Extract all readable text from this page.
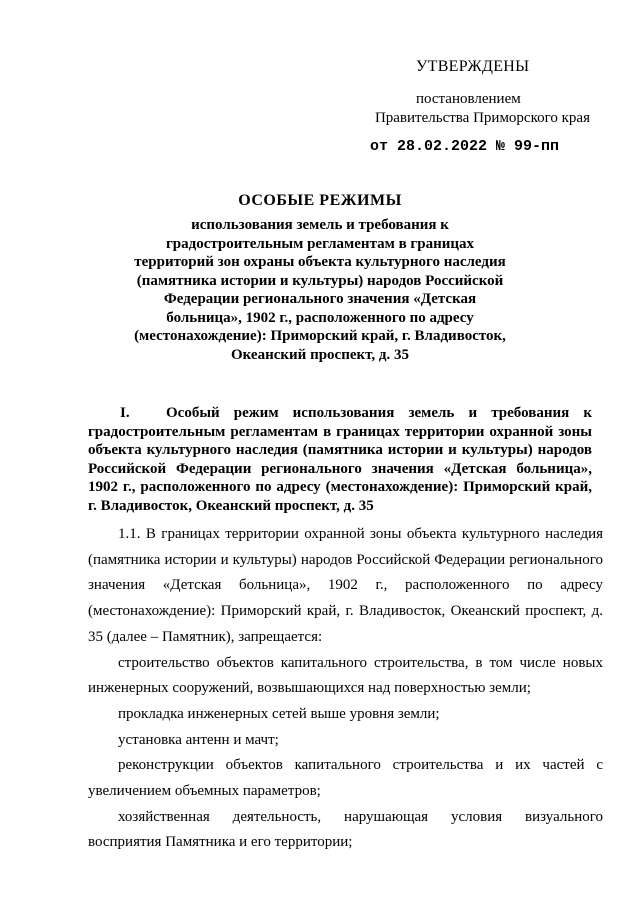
УТВЕРЖДЕНЫ
постановлением
Правительства Приморского края
от 28.02.2022 № 99-пп
ОСОБЫЕ РЕЖИМЫ
использования земель и требования к градостроительным регламентам в границах территорий зон охраны объекта культурного наследия (памятника истории и культуры) народов Российской Федерации регионального значения «Детская больница», 1902 г., расположенного по адресу (местонахождение): Приморский край, г. Владивосток, Океанский проспект, д. 35
I. Особый режим использования земель и требования к градостроительным регламентам в границах территории охранной зоны объекта культурного наследия (памятника истории и культуры) народов Российской Федерации регионального значения «Детская больница», 1902 г., расположенного по адресу (местонахождение): Приморский край, г. Владивосток, Океанский проспект, д. 35

1.1. В границах территории охранной зоны объекта культурного наследия (памятника истории и культуры) народов Российской Федерации регионального значения «Детская больница», 1902 г., расположенного по адресу (местонахождение): Приморский край, г. Владивосток, Океанский проспект, д. 35 (далее – Памятник), запрещается:

строительство объектов капитального строительства, в том числе новых инженерных сооружений, возвышающихся над поверхностью земли;

прокладка инженерных сетей выше уровня земли;

установка антенн и мачт;

реконструкции объектов капитального строительства и их частей с увеличением объемных параметров;

хозяйственная деятельность, нарушающая условия визуального восприятия Памятника и его территории;
